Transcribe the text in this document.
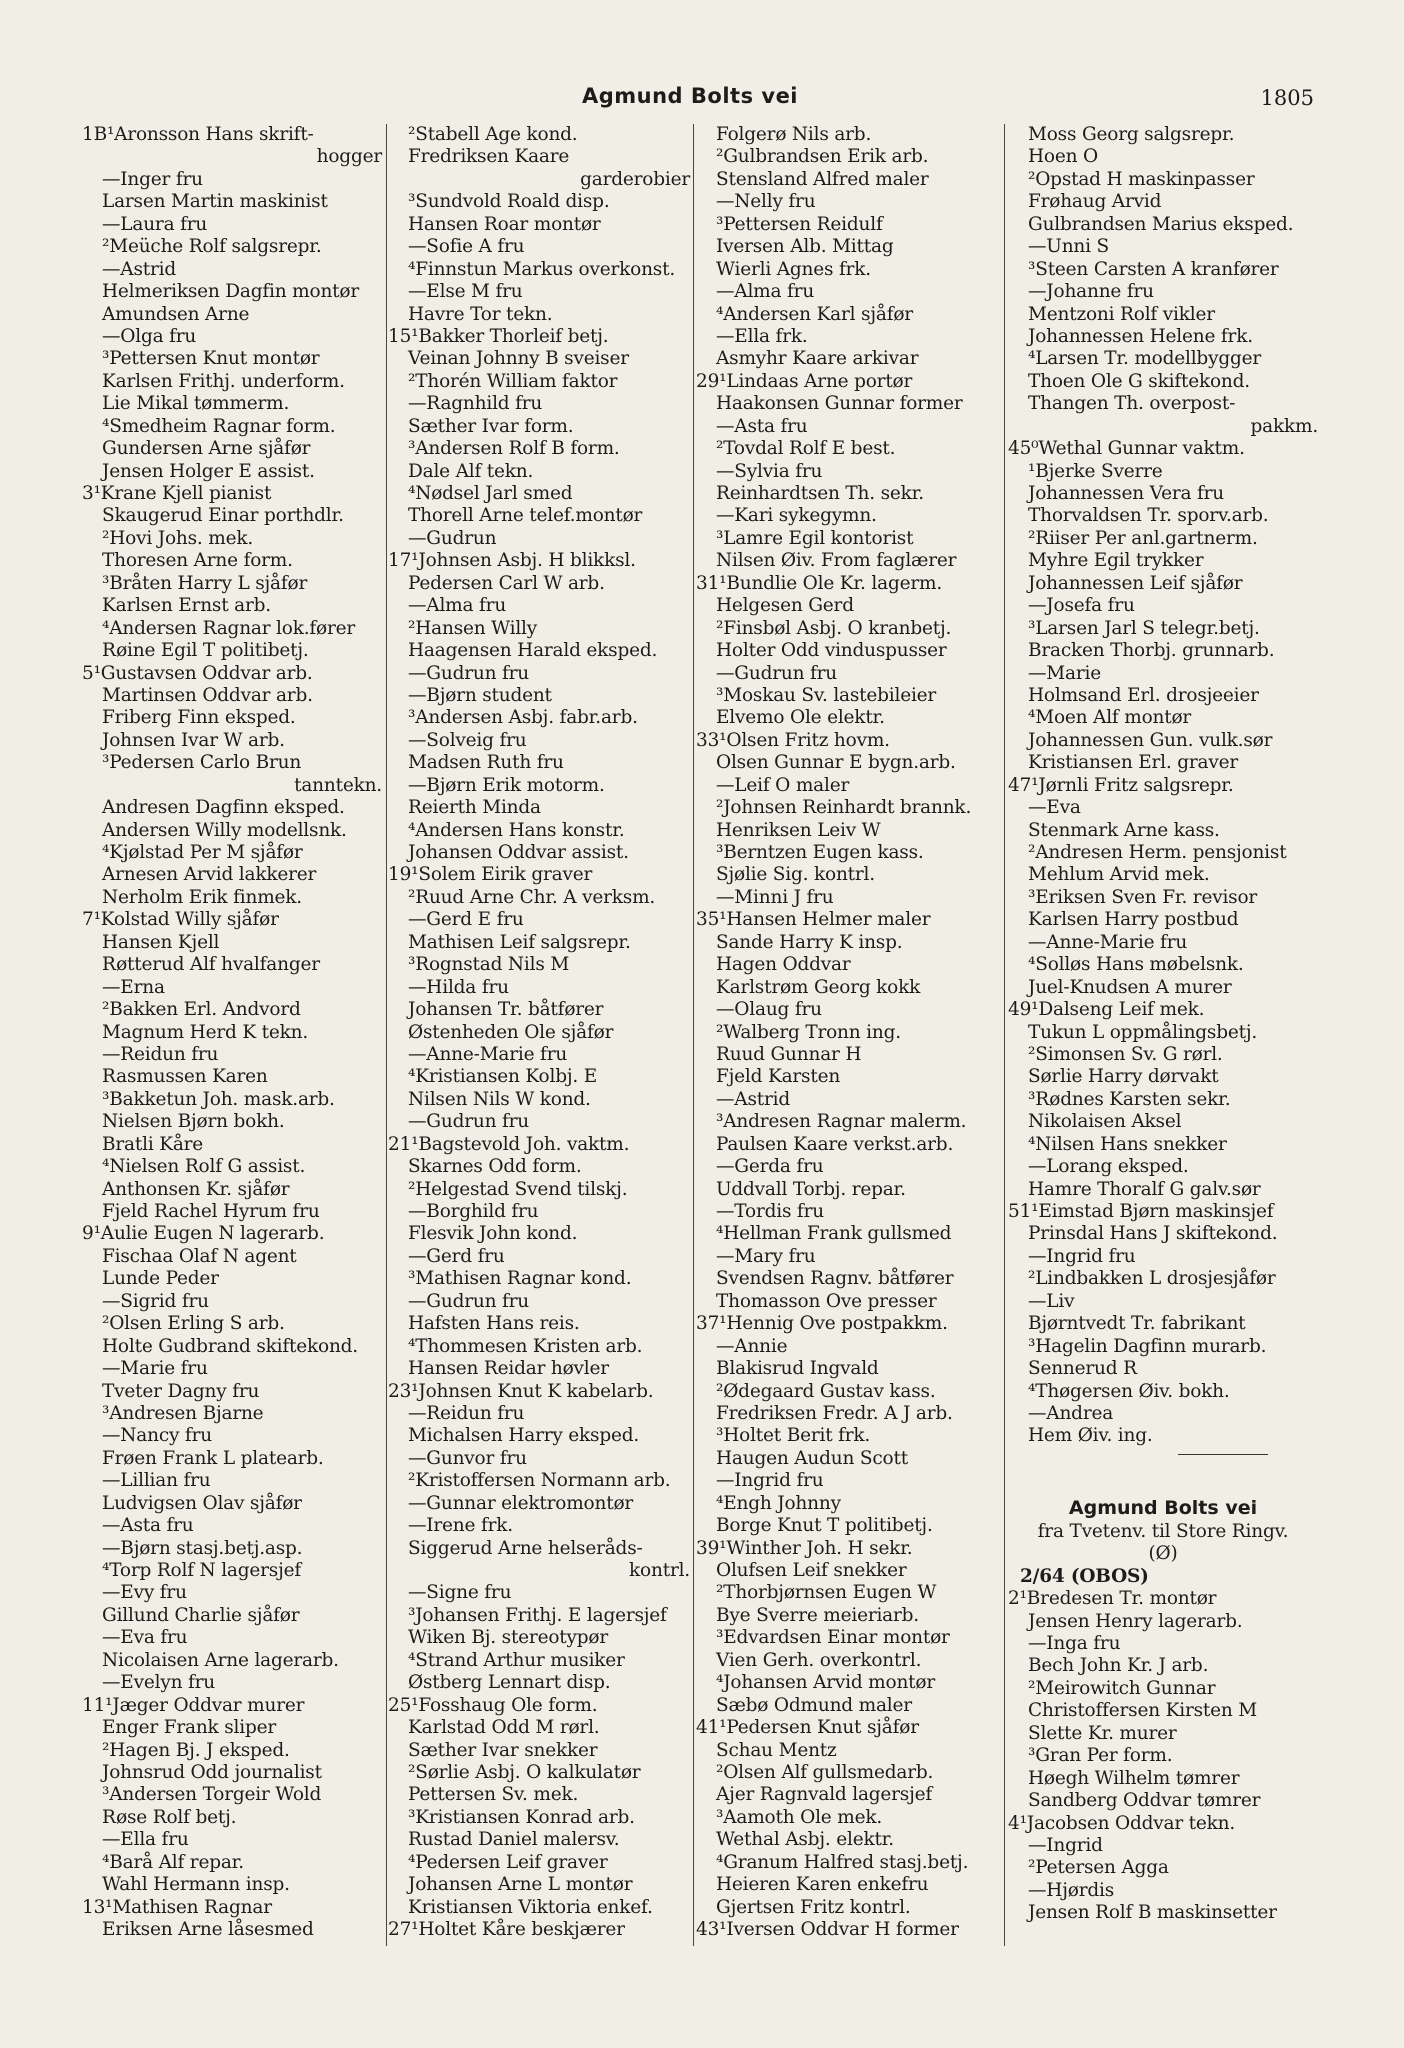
Agmund Bolts vei	1805
1B¹Aronsson Hans skrift-
hogger
—Inger fru
Larsen Martin maskinist
—Laura fru
²Meüche Rolf salgsrepr.
—Astrid
Helmeriksen Dagfin montør
Amundsen Arne
—Olga fru
³Pettersen Knut montør
Karlsen Frithj. underform.
Lie Mikal tømmerm.
⁴Smedheim Ragnar form.
Gundersen Arne sjåfør
Jensen Holger E assist.
3¹Krane Kjell pianist
Skaugerud Einar porthdlr.
²Hovi Johs. mek.
Thoresen Arne form.
³Bråten Harry L sjåfør
Karlsen Ernst arb.
⁴Andersen Ragnar lok.fører
Røine Egil T politibetj.
5¹Gustavsen Oddvar arb.
Martinsen Oddvar arb.
Friberg Finn eksped.
Johnsen Ivar W arb.
³Pedersen Carlo Brun
tanntekn.
Andresen Dagfinn eksped.
Andersen Willy modellsnk.
⁴Kjølstad Per M sjåfør
Arnesen Arvid lakkerer
Nerholm Erik finmek.
7¹Kolstad Willy sjåfør
Hansen Kjell
Røtterud Alf hvalfanger
—Erna
²Bakken Erl. Andvord
Magnum Herd K tekn.
—Reidun fru
Rasmussen Karen
³Bakketun Joh. mask.arb.
Nielsen Bjørn bokh.
Bratli Kåre
⁴Nielsen Rolf G assist.
Anthonsen Kr. sjåfør
Fjeld Rachel Hyrum fru
9¹Aulie Eugen N lagerarb.
Fischaa Olaf N agent
Lunde Peder
—Sigrid fru
²Olsen Erling S arb.
Holte Gudbrand skiftekond.
—Marie fru
Tveter Dagny fru
³Andresen Bjarne
—Nancy fru
Frøen Frank L platearb.
—Lillian fru
Ludvigsen Olav sjåfør
—Asta fru
—Bjørn stasj.betj.asp.
⁴Torp Rolf N lagersjef
—Evy fru
Gillund Charlie sjåfør
—Eva fru
Nicolaisen Arne lagerarb.
—Evelyn fru
11¹Jæger Oddvar murer
Enger Frank sliper
²Hagen Bj. J eksped.
Johnsrud Odd journalist
³Andersen Torgeir Wold
Røse Rolf betj.
—Ella fru
⁴Barå Alf repar.
Wahl Hermann insp.
13¹Mathisen Ragnar
Eriksen Arne låsesmed
²Stabell Age kond.
Fredriksen Kaare
garderobier
³Sundvold Roald disp.
Hansen Roar montør
—Sofie A fru
⁴Finnstun Markus overkonst.
—Else M fru
Havre Tor tekn.
15¹Bakker Thorleif betj.
Veinan Johnny B sveiser
²Thorén William faktor
—Ragnhild fru
Sæther Ivar form.
³Andersen Rolf B form.
Dale Alf tekn.
⁴Nødsel Jarl smed
Thorell Arne telef.montør
—Gudrun
17¹Johnsen Asbj. H blikksl.
Pedersen Carl W arb.
—Alma fru
²Hansen Willy
Haagensen Harald eksped.
—Gudrun fru
—Bjørn student
³Andersen Asbj. fabr.arb.
—Solveig fru
Madsen Ruth fru
—Bjørn Erik motorm.
Reierth Minda
⁴Andersen Hans konstr.
Johansen Oddvar assist.
19¹Solem Eirik graver
²Ruud Arne Chr. A verksm.
—Gerd E fru
Mathisen Leif salgsrepr.
³Rognstad Nils M
—Hilda fru
Johansen Tr. båtfører
Østenheden Ole sjåfør
—Anne-Marie fru
⁴Kristiansen Kolbj. E
Nilsen Nils W kond.
—Gudrun fru
21¹Bagstevold Joh. vaktm.
Skarnes Odd form.
²Helgestad Svend tilskj.
—Borghild fru
Flesvik John kond.
—Gerd fru
³Mathisen Ragnar kond.
—Gudrun fru
Hafsten Hans reis.
⁴Thommesen Kristen arb.
Hansen Reidar høvler
23¹Johnsen Knut K kabelarb.
—Reidun fru
Michalsen Harry eksped.
—Gunvor fru
²Kristoffersen Normann arb.
—Gunnar elektromontør
—Irene frk.
Siggerud Arne helseråds-
kontrl.
—Signe fru
³Johansen Frithj. E lagersjef
Wiken Bj. stereotypør
⁴Strand Arthur musiker
Østberg Lennart disp.
25¹Fosshaug Ole form.
Karlstad Odd M rørl.
Sæther Ivar snekker
²Sørlie Asbj. O kalkulatør
Pettersen Sv. mek.
³Kristiansen Konrad arb.
Rustad Daniel malersv.
⁴Pedersen Leif graver
Johansen Arne L montør
Kristiansen Viktoria enkef.
27¹Holtet Kåre beskjærer
Folgerø Nils arb.
²Gulbrandsen Erik arb.
Stensland Alfred maler
—Nelly fru
³Pettersen Reidulf
Iversen Alb. Mittag
Wierli Agnes frk.
—Alma fru
⁴Andersen Karl sjåfør
—Ella frk.
Asmyhr Kaare arkivar
29¹Lindaas Arne portør
Haakonsen Gunnar former
—Asta fru
²Tovdal Rolf E best.
—Sylvia fru
Reinhardtsen Th. sekr.
—Kari sykegymn.
³Lamre Egil kontorist
Nilsen Øiv. From faglærer
31¹Bundlie Ole Kr. lagerm.
Helgesen Gerd
²Finsbøl Asbj. O kranbetj.
Holter Odd vinduspusser
—Gudrun fru
³Moskau Sv. lastebileier
Elvemo Ole elektr.
33¹Olsen Fritz hovm.
Olsen Gunnar E bygn.arb.
—Leif O maler
²Johnsen Reinhardt brannk.
Henriksen Leiv W
³Berntzen Eugen kass.
Sjølie Sig. kontrl.
—Minni J fru
35¹Hansen Helmer maler
Sande Harry K insp.
Hagen Oddvar
Karlstrøm Georg kokk
—Olaug fru
²Walberg Tronn ing.
Ruud Gunnar H
Fjeld Karsten
—Astrid
³Andresen Ragnar malerm.
Paulsen Kaare verkst.arb.
—Gerda fru
Uddvall Torbj. repar.
—Tordis fru
⁴Hellman Frank gullsmed
—Mary fru
Svendsen Ragnv. båtfører
Thomasson Ove presser
37¹Hennig Ove postpakkm.
—Annie
Blakisrud Ingvald
²Ødegaard Gustav kass.
Fredriksen Fredr. A J arb.
³Holtet Berit frk.
Haugen Audun Scott
—Ingrid fru
⁴Engh Johnny
Borge Knut T politibetj.
39¹Winther Joh. H sekr.
Olufsen Leif snekker
²Thorbjørnsen Eugen W
Bye Sverre meieriarb.
³Edvardsen Einar montør
Vien Gerh. overkontrl.
⁴Johansen Arvid montør
Sæbø Odmund maler
41¹Pedersen Knut sjåfør
Schau Mentz
²Olsen Alf gullsmedarb.
Ajer Ragnvald lagersjef
³Aamoth Ole mek.
Wethal Asbj. elektr.
⁴Granum Halfred stasj.betj.
Heieren Karen enkefru
Gjertsen Fritz kontrl.
43¹Iversen Oddvar H former
Moss Georg salgsrepr.
Hoen O
²Opstad H maskinpasser
Frøhaug Arvid
Gulbrandsen Marius eksped.
—Unni S
³Steen Carsten A kranfører
—Johanne fru
Mentzoni Rolf vikler
Johannessen Helene frk.
⁴Larsen Tr. modellbygger
Thoen Ole G skiftekond.
Thangen Th. overpost-
pakkm.
45⁰Wethal Gunnar vaktm.
¹Bjerke Sverre
Johannessen Vera fru
Thorvaldsen Tr. sporv.arb.
²Riiser Per anl.gartnerm.
Myhre Egil trykker
Johannessen Leif sjåfør
—Josefa fru
³Larsen Jarl S telegr.betj.
Bracken Thorbj. grunnarb.
—Marie
Holmsand Erl. drosjeeier
⁴Moen Alf montør
Johannessen Gun. vulk.sør
Kristiansen Erl. graver
47¹Jørnli Fritz salgsrepr.
—Eva
Stenmark Arne kass.
²Andresen Herm. pensjonist
Mehlum Arvid mek.
³Eriksen Sven Fr. revisor
Karlsen Harry postbud
—Anne-Marie fru
⁴Solløs Hans møbelsnk.
Juel-Knudsen A murer
49¹Dalseng Leif mek.
Tukun L oppmålingsbetj.
²Simonsen Sv. G rørl.
Sørlie Harry dørvakt
³Rødnes Karsten sekr.
Nikolaisen Aksel
⁴Nilsen Hans snekker
—Lorang eksped.
Hamre Thoralf G galv.sør
51¹Eimstad Bjørn maskinsjef
Prinsdal Hans J skiftekond.
—Ingrid fru
²Lindbakken L drosjesjåfør
—Liv
Bjørntvedt Tr. fabrikant
³Hagelin Dagfinn murarb.
Sennerud R
⁴Thøgersen Øiv. bokh.
—Andrea
Hem Øiv. ing.
Agmund Bolts vei
fra Tvetenv. til Store Ringv.
(Ø)
2/64 (OBOS)
2¹Bredesen Tr. montør
Jensen Henry lagerarb.
—Inga fru
Bech John Kr. J arb.
²Meirowitch Gunnar
Christoffersen Kirsten M
Slette Kr. murer
³Gran Per form.
Høegh Wilhelm tømrer
Sandberg Oddvar tømrer
4¹Jacobsen Oddvar tekn.
—Ingrid
²Petersen Agga
—Hjørdis
Jensen Rolf B maskinsetter
